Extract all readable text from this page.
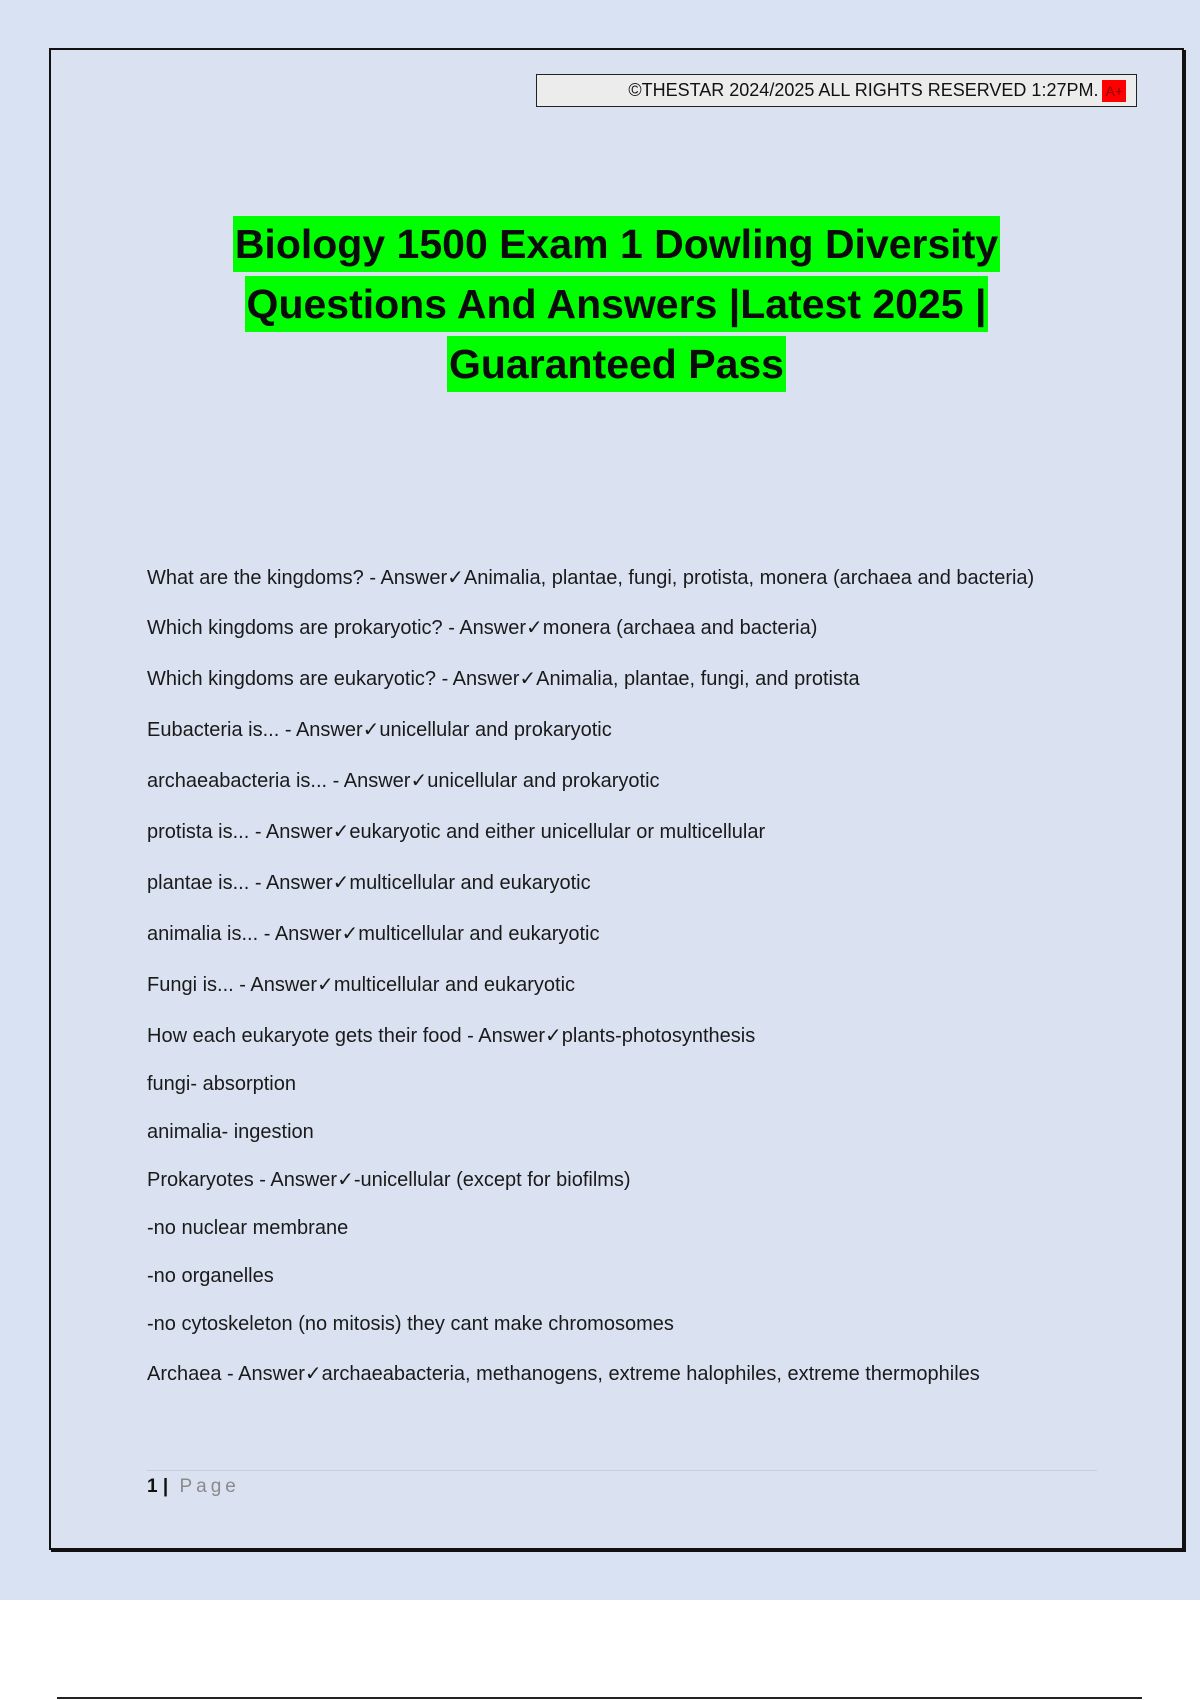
©THESTAR 2024/2025 ALL RIGHTS RESERVED 1:27PM. A+
Biology 1500 Exam 1 Dowling Diversity
Questions And Answers |Latest 2025 |
Guaranteed Pass

What are the kingdoms? - Answer✓Animalia, plantae, fungi, protista, monera (archaea and bacteria)

Which kingdoms are prokaryotic? - Answer✓monera (archaea and bacteria)

Which kingdoms are eukaryotic? - Answer✓Animalia, plantae, fungi, and protista

Eubacteria is... - Answer✓unicellular and prokaryotic

archaeabacteria is... - Answer✓unicellular and prokaryotic

protista is... - Answer✓eukaryotic and either unicellular or multicellular

plantae is... - Answer✓multicellular and eukaryotic

animalia is... - Answer✓multicellular and eukaryotic

Fungi is... - Answer✓multicellular and eukaryotic

How each eukaryote gets their food - Answer✓plants-photosynthesis

fungi- absorption

animalia- ingestion

Prokaryotes - Answer✓-unicellular (except for biofilms)

-no nuclear membrane

-no organelles

-no cytoskeleton (no mitosis) they cant make chromosomes

Archaea - Answer✓archaeabacteria, methanogens, extreme halophiles, extreme thermophiles

1 | Page
